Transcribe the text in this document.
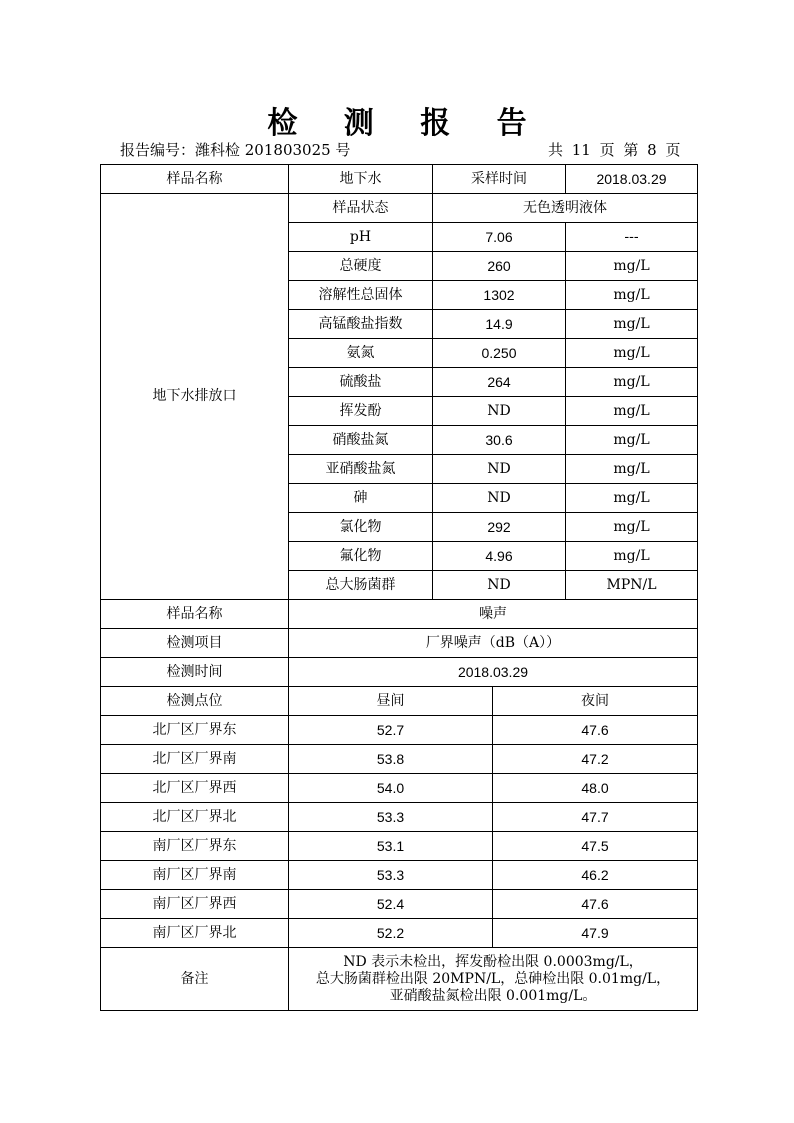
检 测 报 告
报告编号：潍科检 201803025 号	共 11 页 第 8 页
样品名称	地下水	采样时间		2018.03.29
地下水排放口	样品状态	无色透明液体		
	pH	7.06		---
	总硬度	260		mg/L
	溶解性总固体	1302		mg/L
	高锰酸盐指数	14.9		mg/L
	氨氮	0.250		mg/L
	硫酸盐	264		mg/L
	挥发酚	ND		mg/L
	硝酸盐氮	30.6		mg/L
	亚硝酸盐氮	ND		mg/L
	砷	ND		mg/L
	氯化物	292		mg/L
	氟化物	4.96		mg/L
	总大肠菌群	ND		MPN/L
样品名称	噪声			
检测项目	厂界噪声（dB（A））			
检测时间	2018.03.29			
检测点位	昼间		夜间	
北厂区厂界东	52.7		47.6	
北厂区厂界南	53.8		47.2	
北厂区厂界西	54.0		48.0	
北厂区厂界北	53.3		47.7	
南厂区厂界东	53.1		47.5	
南厂区厂界南	53.3		46.2	
南厂区厂界西	52.4		47.6	
南厂区厂界北	52.2		47.9	
备注	ND 表示未检出，挥发酚检出限 0.0003mg/L，
总大肠菌群检出限 20MPN/L，总砷检出限 0.01mg/L，
亚硝酸盐氮检出限 0.001mg/L。			
